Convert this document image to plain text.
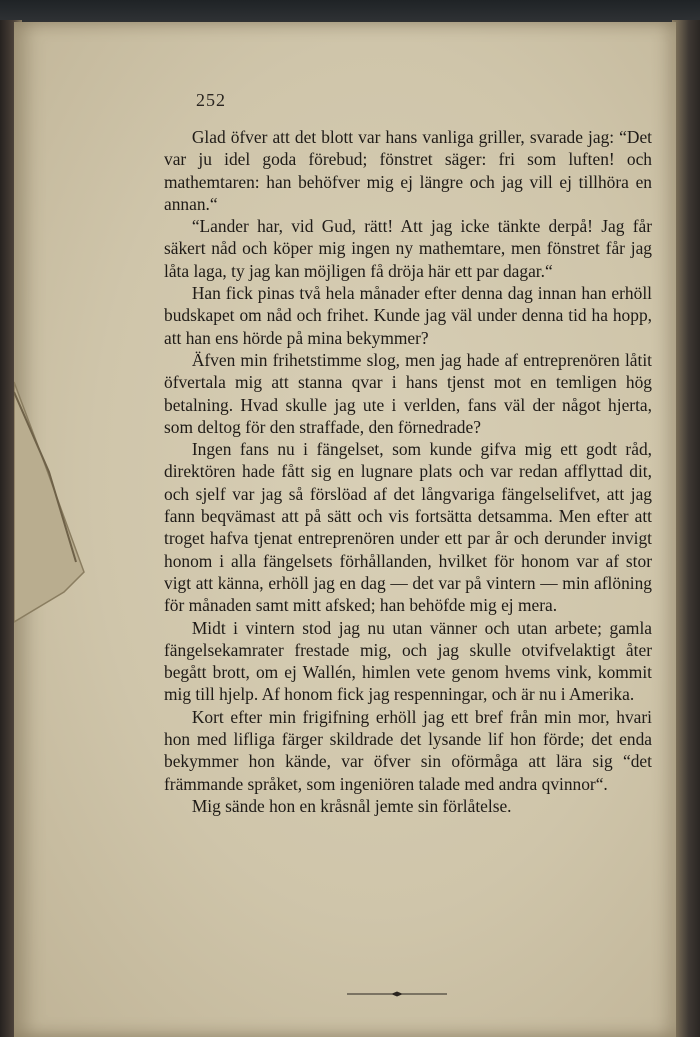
252

Glad öfver att det blott var hans vanliga griller, svarade jag: “Det var ju idel goda förebud; fönstret säger: fri som luften! och mathemtaren: han behöfver mig ej längre och jag vill ej tillhöra en annan.“

“Lander har, vid Gud, rätt! Att jag icke tänkte derpå! Jag får säkert nåd och köper mig ingen ny mathemtare, men fönstret får jag låta laga, ty jag kan möjligen få dröja här ett par dagar.“

Han fick pinas två hela månader efter denna dag innan han erhöll budskapet om nåd och frihet. Kunde jag väl under denna tid ha hopp, att han ens hörde på mina bekymmer?

Äfven min frihetstimme slog, men jag hade af entreprenören låtit öfvertala mig att stanna qvar i hans tjenst mot en temligen hög betalning. Hvad skulle jag ute i verlden, fans väl der något hjerta, som deltog för den straffade, den förnedrade?

Ingen fans nu i fängelset, som kunde gifva mig ett godt råd, direktören hade fått sig en lugnare plats och var redan afflyttad dit, och sjelf var jag så förslöad af det långvariga fängelselifvet, att jag fann beqvämast att på sätt och vis fortsätta detsamma. Men efter att troget hafva tjenat entreprenören under ett par år och derunder invigt honom i alla fängelsets förhållanden, hvilket för honom var af stor vigt att känna, erhöll jag en dag — det var på vintern — min aflöning för månaden samt mitt afsked; han behöfde mig ej mera.

Midt i vintern stod jag nu utan vänner och utan arbete; gamla fängelsekamrater frestade mig, och jag skulle otvifvelaktigt åter begått brott, om ej Wallén, himlen vete genom hvems vink, kommit mig till hjelp. Af honom fick jag respenningar, och är nu i Amerika.

Kort efter min frigifning erhöll jag ett bref från min mor, hvari hon med lifliga färger skildrade det lysande lif hon förde; det enda bekymmer hon kände, var öfver sin oförmåga att lära sig “det främmande språket, som ingeniören talade med andra qvinnor“.

Mig sände hon en kråsnål jemte sin förlåtelse.
